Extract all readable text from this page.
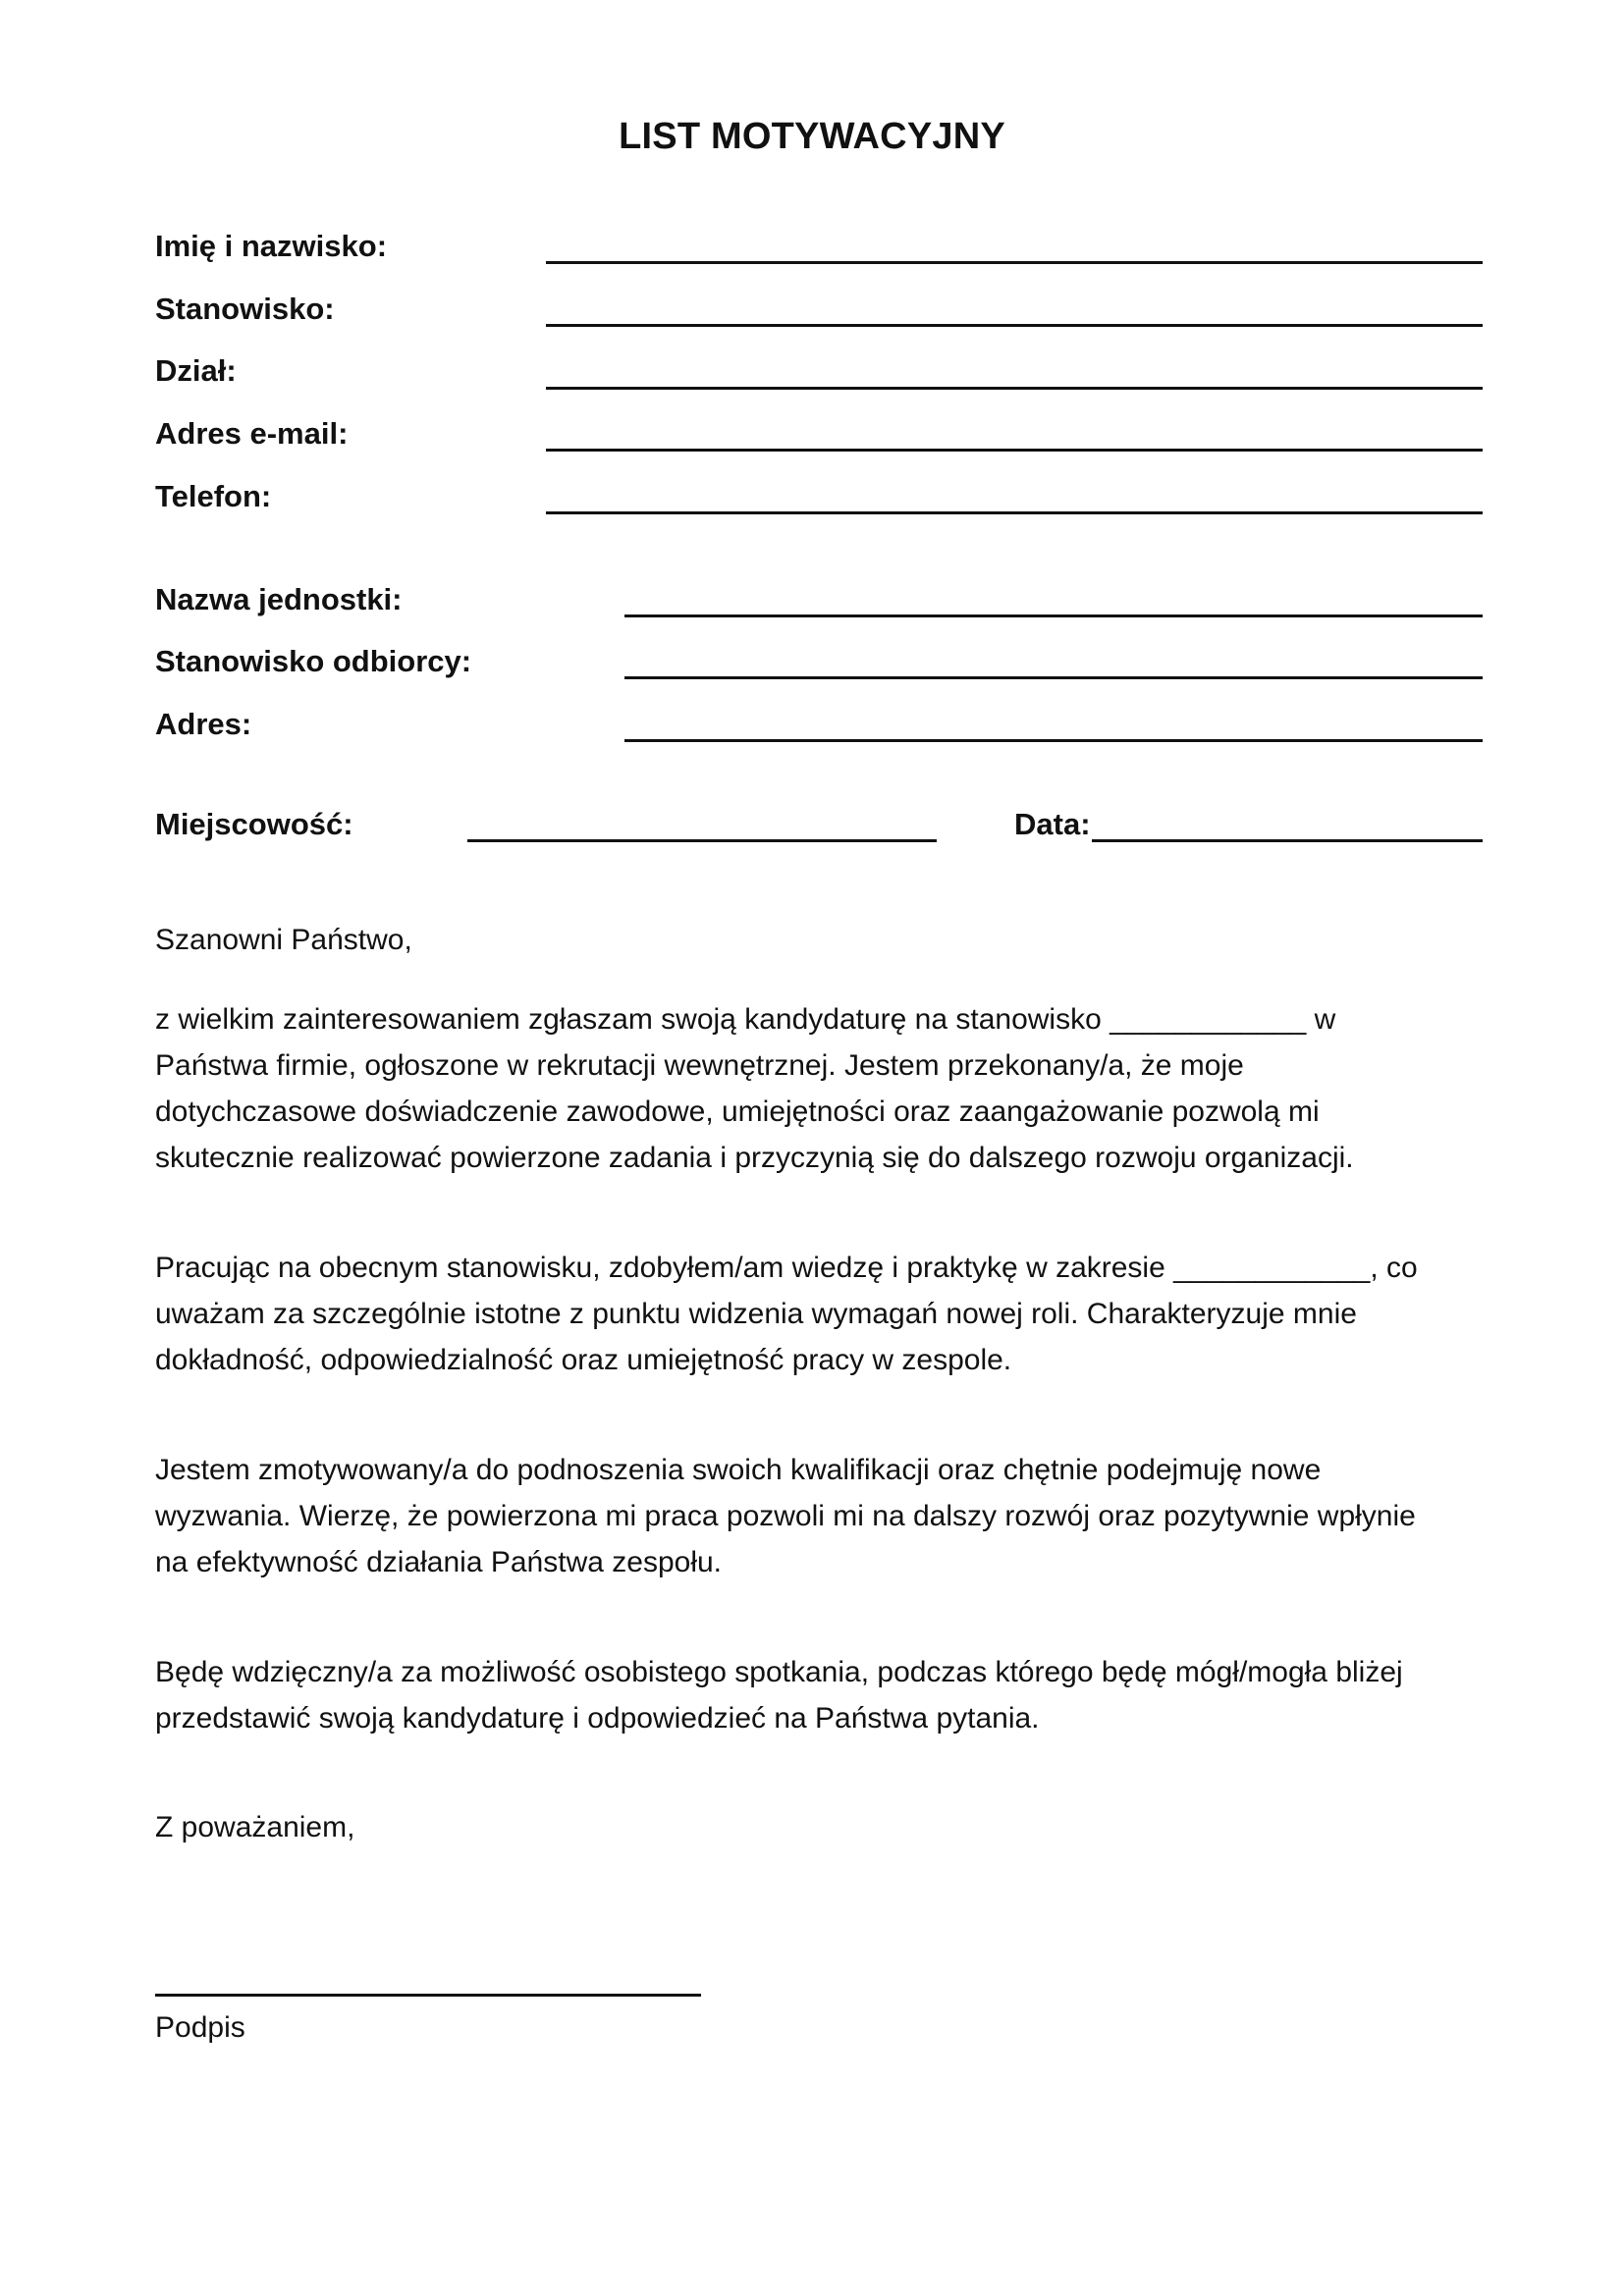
LIST MOTYWACYJNY
Imię i nazwisko:
Stanowisko:
Dział:
Adres e-mail:
Telefon:
Nazwa jednostki:
Stanowisko odbiorcy:
Adres:
Miejscowość:	Data:
Szanowni Państwo,
z wielkim zainteresowaniem zgłaszam swoją kandydaturę na stanowisko ____________ w
Państwa firmie, ogłoszone w rekrutacji wewnętrznej. Jestem przekonany/a, że moje
dotychczasowe doświadczenie zawodowe, umiejętności oraz zaangażowanie pozwolą mi
skutecznie realizować powierzone zadania i przyczynią się do dalszego rozwoju organizacji.
Pracując na obecnym stanowisku, zdobyłem/am wiedzę i praktykę w zakresie ____________, co
uważam za szczególnie istotne z punktu widzenia wymagań nowej roli. Charakteryzuje mnie
dokładność, odpowiedzialność oraz umiejętność pracy w zespole.
Jestem zmotywowany/a do podnoszenia swoich kwalifikacji oraz chętnie podejmuję nowe
wyzwania. Wierzę, że powierzona mi praca pozwoli mi na dalszy rozwój oraz pozytywnie wpłynie
na efektywność działania Państwa zespołu.
Będę wdzięczny/a za możliwość osobistego spotkania, podczas którego będę mógł/mogła bliżej
przedstawić swoją kandydaturę i odpowiedzieć na Państwa pytania.
Z poważaniem,
Podpis
